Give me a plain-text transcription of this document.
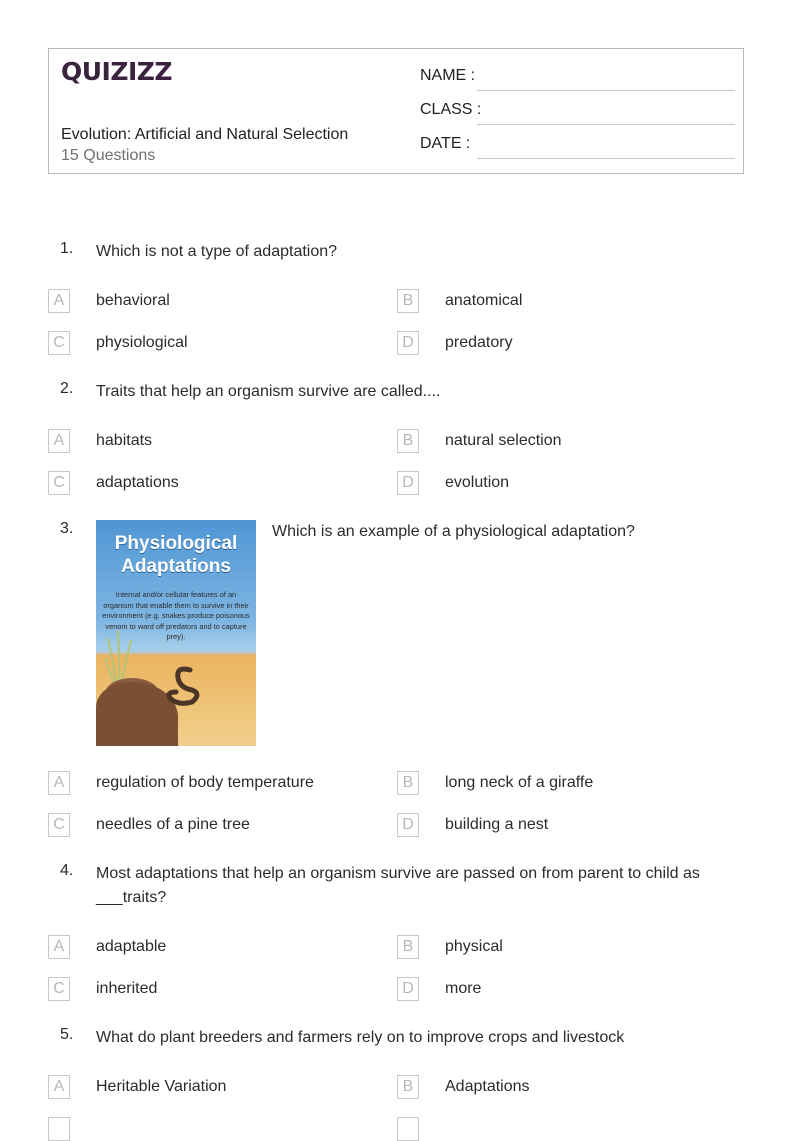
QUIZIZZ
Evolution: Artificial and Natural Selection
15 Questions
NAME :
CLASS :
DATE :
1. Which is not a type of adaptation?
A	behavioral	B	anatomical
C	physiological	D	predatory
2. Traits that help an organism survive are called....
A	habitats	B	natural selection
C	adaptations	D	evolution
3.
Physiological Adaptations
Internal and/or cellular features of an organism that enable them to survive in their environment (e.g. snakes produce poisonous venom to ward off predators and to capture prey).
Which is an example of a physiological adaptation?
A	regulation of body temperature	B	long neck of a giraffe
C	needles of a pine tree	D	building a nest
4. Most adaptations that help an organism survive are passed on from parent to child as ___traits?
A	adaptable	B	physical
C	inherited	D	more
5. What do plant breeders and farmers rely on to improve crops and livestock
A	Heritable Variation	B	Adaptations
